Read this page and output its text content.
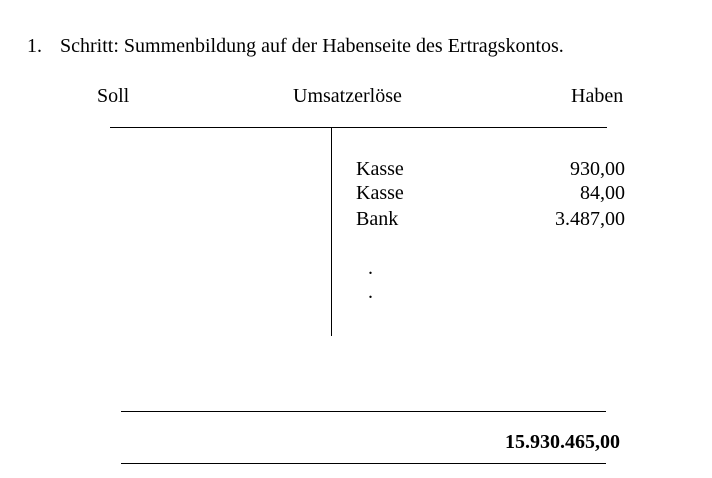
1. Schritt: Summenbildung auf der Habenseite des Ertragskontos.
Soll	Umsatzerlöse	Haben
Kasse	930,00
Kasse	84,00
Bank	3.487,00
.
.
15.930.465,00
